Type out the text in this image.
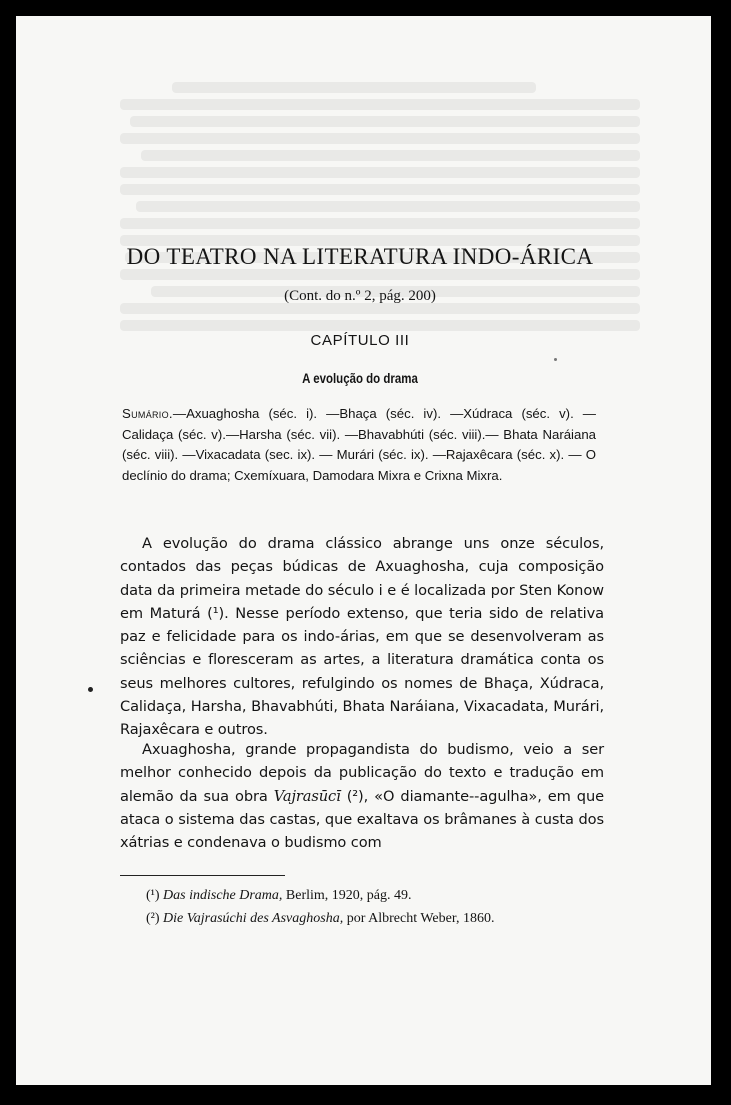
DO TEATRO NA LITERATURA INDO-ÁRICA
(Cont. do n.º 2, pág. 200)
CAPÍTULO III
A evolução do drama
Sumário.—Axuaghosha (séc. i). —Bhaça (séc. iv). —Xúdraca (séc. v). —Calidaça (séc. v).—Harsha (séc. vii). —Bhavabhúti (séc. viii).— Bhata Naráiana (séc. viii). —Vixacadata (sec. ix). — Murári (séc. ix). —Rajaxêcara (séc. x). — O declínio do drama; Cxemíxuara, Damodara Mixra e Crixna Mixra.
A evolução do drama clássico abrange uns onze séculos, contados das peças búdicas de Axuaghosha, cuja composição data da primeira metade do século i e é localizada por Sten Konow em Maturá (¹). Nesse período extenso, que teria sido de relativa paz e felicidade para os indo-árias, em que se desenvolveram as sciências e floresceram as artes, a literatura dramática conta os seus melhores cultores, refulgindo os nomes de Bhaça, Xúdraca, Calidaça, Harsha, Bhavabhúti, Bhata Naráiana, Vixacadata, Murári, Rajaxêcara e outros.
Axuaghosha, grande propagandista do budismo, veio a ser melhor conhecido depois da publicação do texto e tradução em alemão da sua obra Vajrasūcī (²), «O diamante--agulha», em que ataca o sistema das castas, que exaltava os brâmanes à custa dos xátrias e condenava o budismo com
(¹) Das indische Drama, Berlim, 1920, pág. 49.
(²) Die Vajrasúchi des Asvaghosha, por Albrecht Weber, 1860.
